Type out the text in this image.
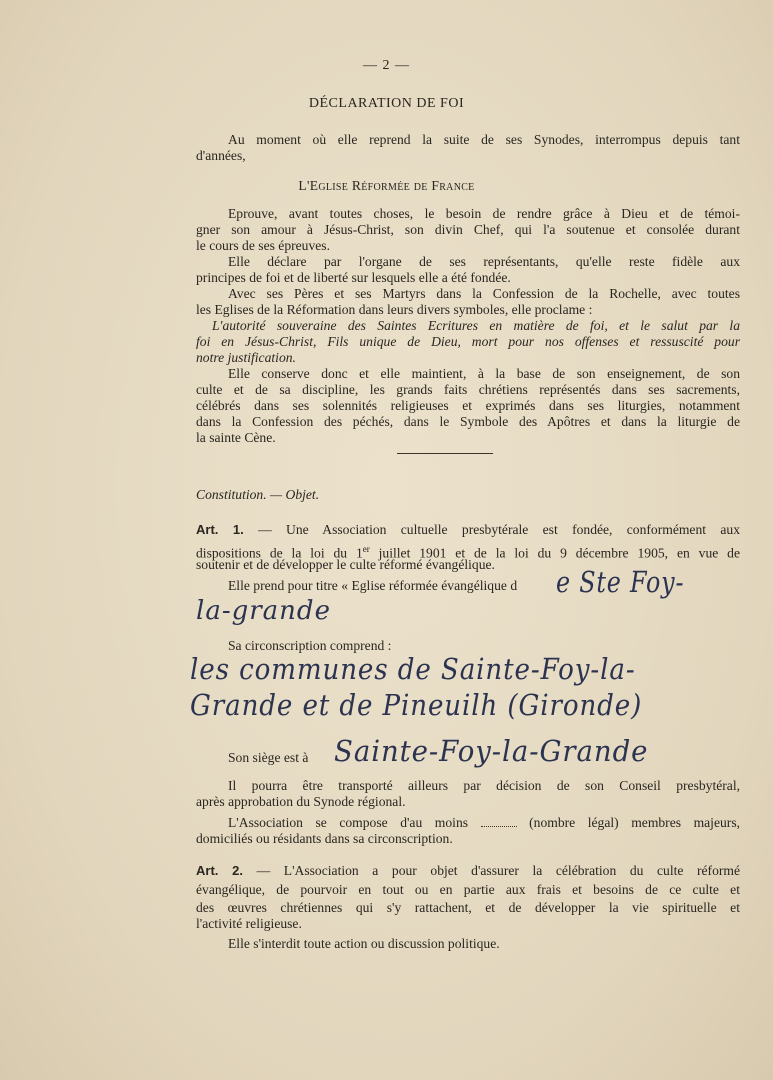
— 2 —
DÉCLARATION DE FOI
Au moment où elle reprend la suite de ses Synodes, interrompus depuis tant
d'années,
L'Eglise Réformée de France
Eprouve, avant toutes choses, le besoin de rendre grâce à Dieu et de témoi-
gner son amour à Jésus-Christ, son divin Chef, qui l'a soutenue et consolée durant
le cours de ses épreuves.
Elle déclare par l'organe de ses représentants, qu'elle reste fidèle aux
principes de foi et de liberté sur lesquels elle a été fondée.
Avec ses Pères et ses Martyrs dans la Confession de la Rochelle, avec toutes
les Eglises de la Réformation dans leurs divers symboles, elle proclame :
L'autorité souveraine des Saintes Ecritures en matière de foi, et le salut par la
foi en Jésus-Christ, Fils unique de Dieu, mort pour nos offenses et ressuscité pour
notre justification.
Elle conserve donc et elle maintient, à la base de son enseignement, de son
culte et de sa discipline, les grands faits chrétiens représentés dans ses sacrements,
célébrés dans ses solennités religieuses et exprimés dans ses liturgies, notamment
dans la Confession des péchés, dans le Symbole des Apôtres et dans la liturgie de
la sainte Cène.
Constitution. — Objet.
Art. 1. — Une Association cultuelle presbytérale est fondée, conformément aux
dispositions de la loi du 1er juillet 1901 et de la loi du 9 décembre 1905, en vue de
soutenir et de développer le culte réformé évangélique.
Elle prend pour titre « Eglise réformée évangélique d e Ste Foy-
la-grande
Sa circonscription comprend :
les communes de Sainte-Foy-la-
Grande et de Pineuilh (Gironde)
Son siège est à Sainte-Foy-la-Grande
Il pourra être transporté ailleurs par décision de son Conseil presbytéral,
après approbation du Synode régional.
L'Association se compose d'au moins	(nombre légal) membres majeurs,
domiciliés ou résidants dans sa circonscription.
Art. 2. — L'Association a pour objet d'assurer la célébration du culte réformé
évangélique, de pourvoir en tout ou en partie aux frais et besoins de ce culte et
des œuvres chrétiennes qui s'y rattachent, et de développer la vie spirituelle et
l'activité religieuse.
Elle s'interdit toute action ou discussion politique.
